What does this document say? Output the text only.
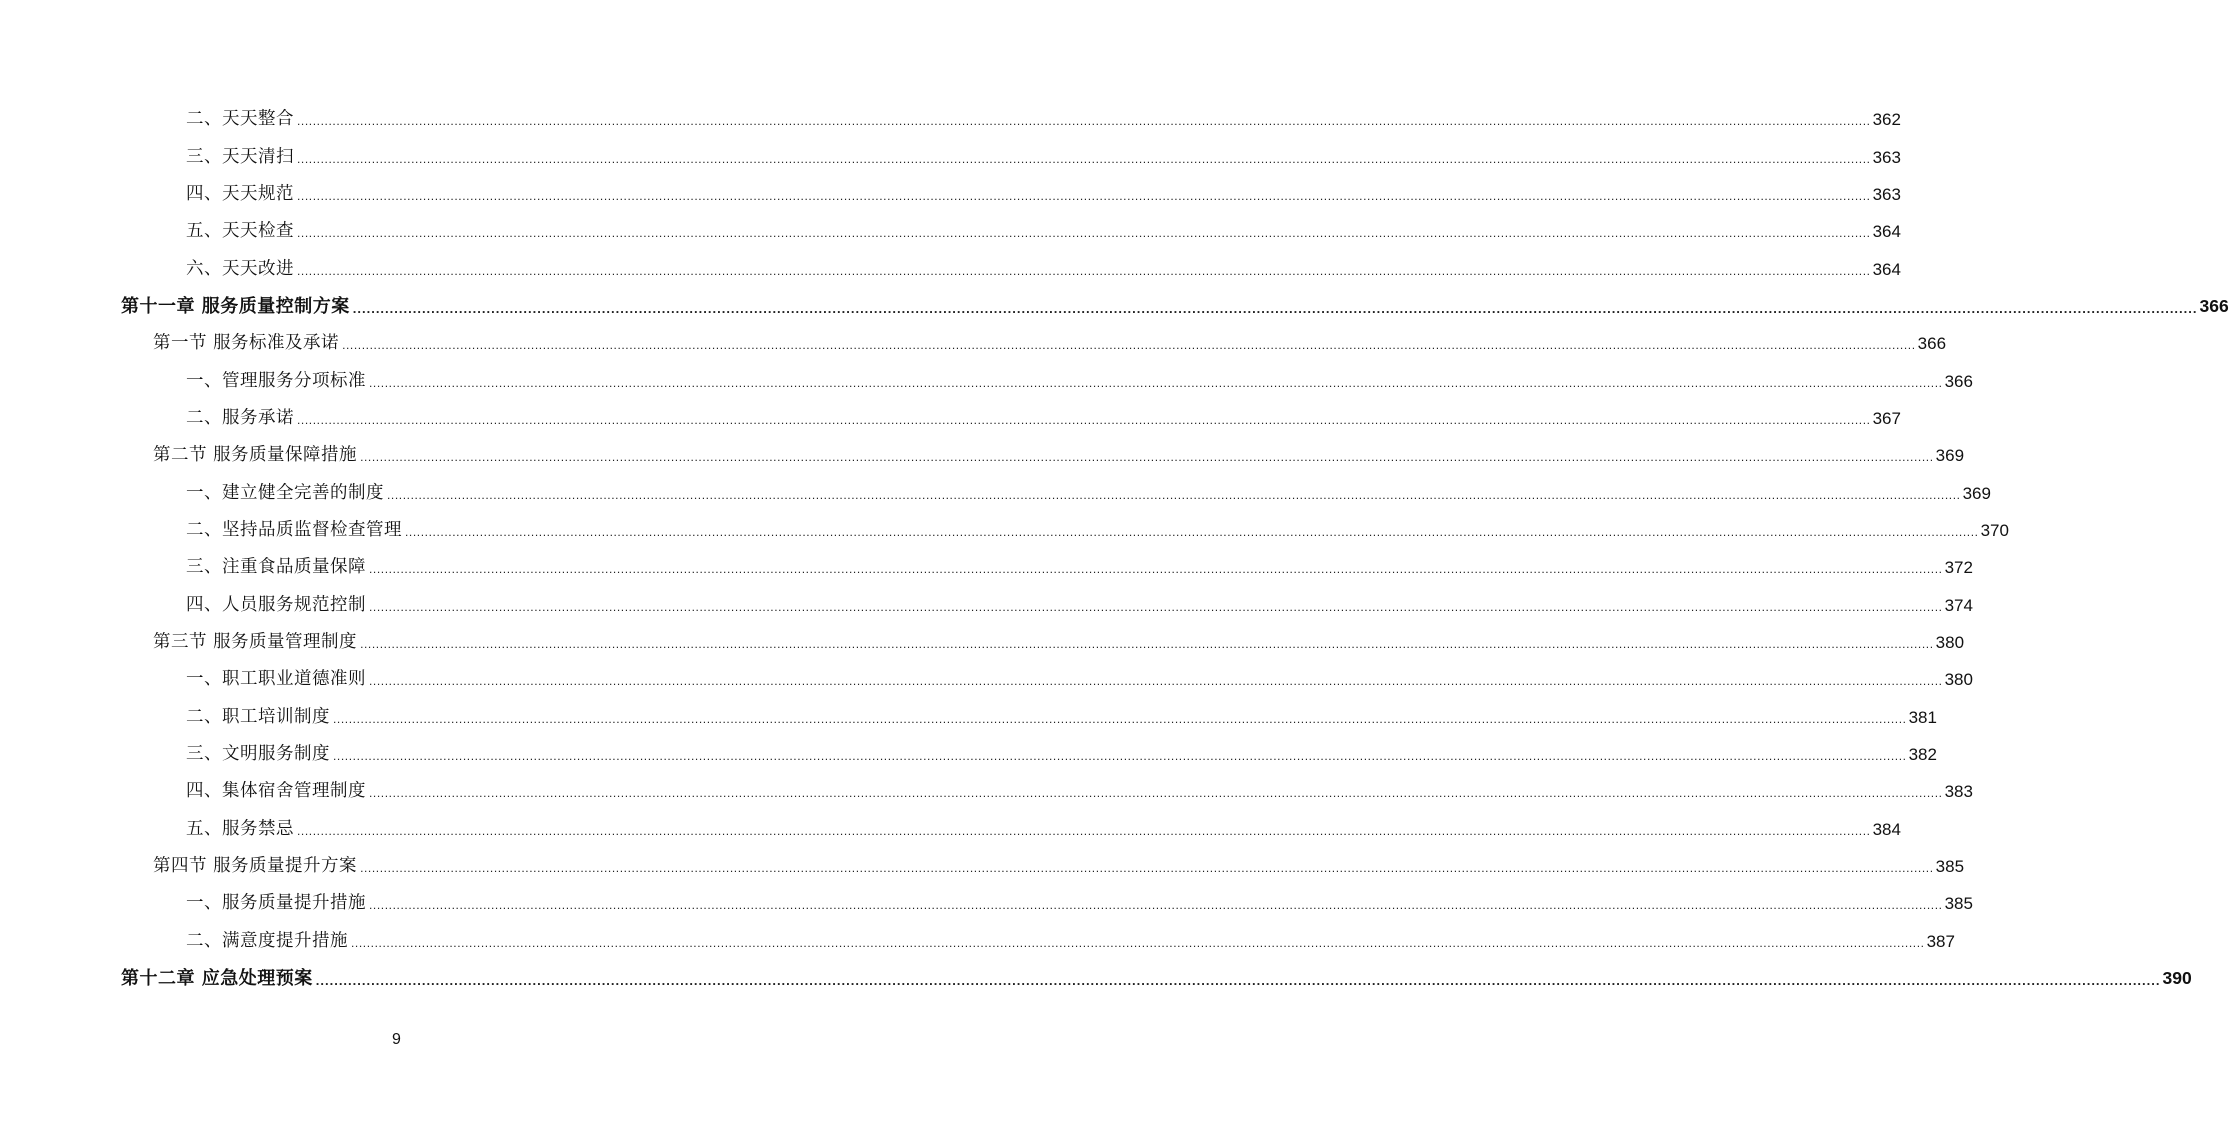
二、天天整合 ................................................................................................................................................................................................................................................................................................................................................................................................................ 362
三、天天清扫 ................................................................................................................................................................................................................................................................................................................................................................................................................ 363
四、天天规范 ................................................................................................................................................................................................................................................................................................................................................................................................................ 363
五、天天检查 ................................................................................................................................................................................................................................................................................................................................................................................................................ 364
六、天天改进 ................................................................................................................................................................................................................................................................................................................................................................................................................ 364
第十一章 服务质量控制方案 ................................................................................................................................................................................................................................................................................................................................................................................................................ 366
第一节 服务标准及承诺 ................................................................................................................................................................................................................................................................................................................................................................................................................ 366
一、管理服务分项标准 ................................................................................................................................................................................................................................................................................................................................................................................................................ 366
二、服务承诺 ................................................................................................................................................................................................................................................................................................................................................................................................................ 367
第二节 服务质量保障措施 ................................................................................................................................................................................................................................................................................................................................................................................................................ 369
一、建立健全完善的制度 ................................................................................................................................................................................................................................................................................................................................................................................................................ 369
二、坚持品质监督检查管理 ................................................................................................................................................................................................................................................................................................................................................................................................................ 370
三、注重食品质量保障 ................................................................................................................................................................................................................................................................................................................................................................................................................ 372
四、人员服务规范控制 ................................................................................................................................................................................................................................................................................................................................................................................................................ 374
第三节 服务质量管理制度 ................................................................................................................................................................................................................................................................................................................................................................................................................ 380
一、职工职业道德准则 ................................................................................................................................................................................................................................................................................................................................................................................................................ 380
二、职工培训制度 ................................................................................................................................................................................................................................................................................................................................................................................................................ 381
三、文明服务制度 ................................................................................................................................................................................................................................................................................................................................................................................................................ 382
四、集体宿舍管理制度 ................................................................................................................................................................................................................................................................................................................................................................................................................ 383
五、服务禁忌 ................................................................................................................................................................................................................................................................................................................................................................................................................ 384
第四节 服务质量提升方案 ................................................................................................................................................................................................................................................................................................................................................................................................................ 385
一、服务质量提升措施 ................................................................................................................................................................................................................................................................................................................................................................................................................ 385
二、满意度提升措施 ................................................................................................................................................................................................................................................................................................................................................................................................................ 387
第十二章 应急处理预案 ................................................................................................................................................................................................................................................................................................................................................................................................................ 390
9
